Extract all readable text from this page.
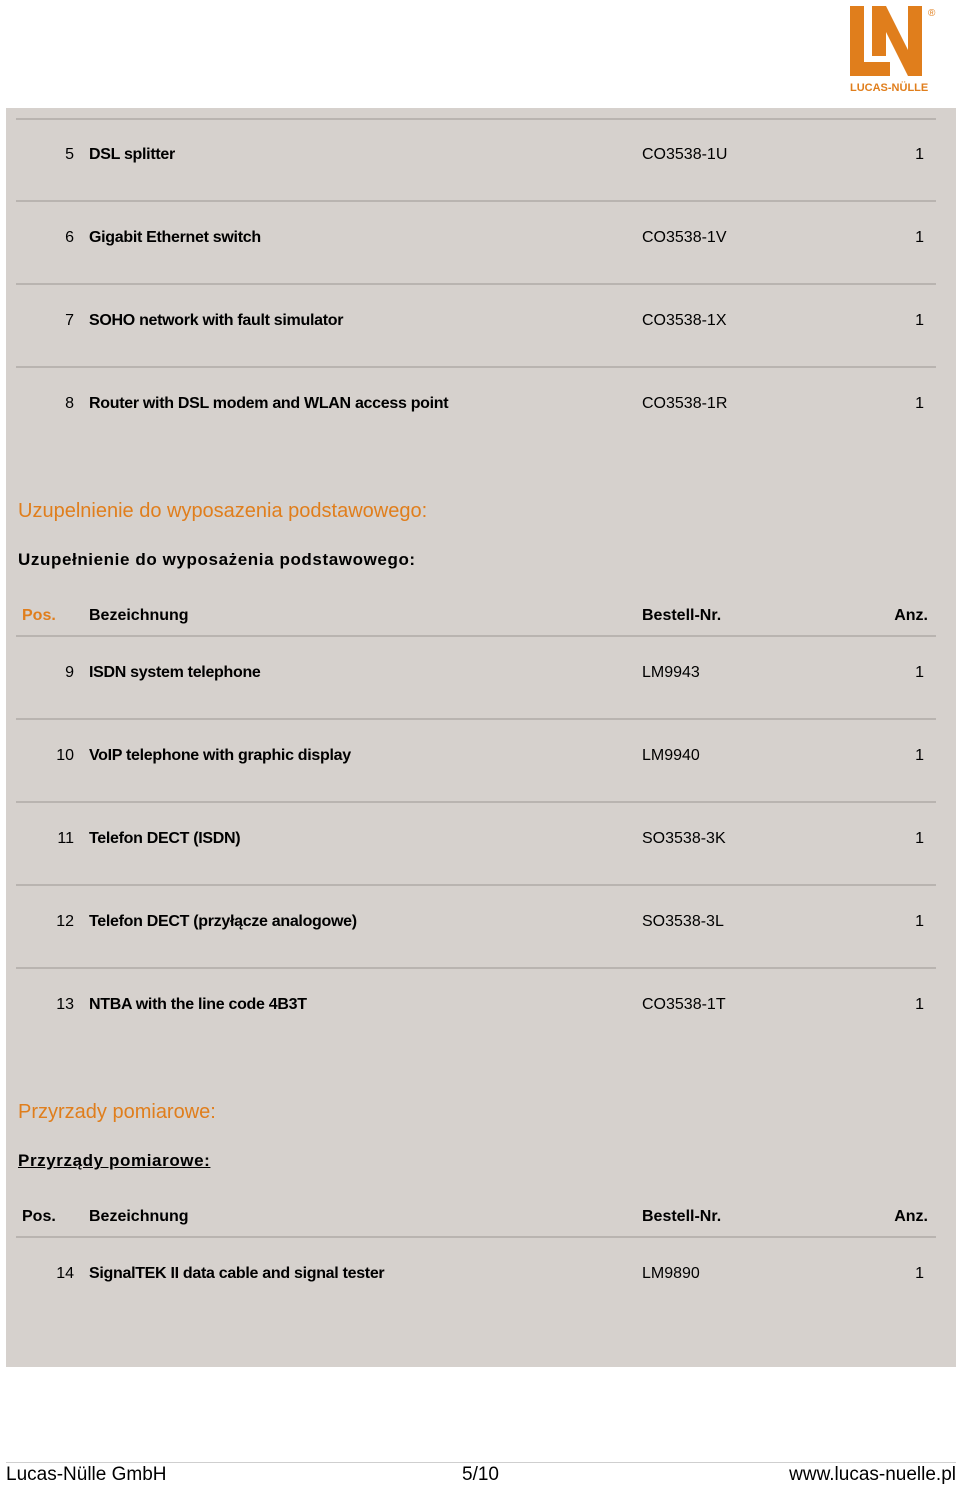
®
LUCAS-NÜLLE
5 DSL splitter	CO3538-1U	1
6 Gigabit Ethernet switch	CO3538-1V	1
7 SOHO network with fault simulator	CO3538-1X	1
8 Router with DSL modem and WLAN access point	CO3538-1R	1
Uzupelnienie do wyposazenia podstawowego:
Uzupełnienie do wyposażenia podstawowego:
Pos. Bezeichnung	Bestell-Nr.	Anz.
9 ISDN system telephone	LM9943	1
10 VoIP telephone with graphic display	LM9940	1
11 Telefon DECT (ISDN)	SO3538-3K	1
12 Telefon DECT (przyłącze analogowe)	SO3538-3L	1
13 NTBA with the line code 4B3T	CO3538-1T	1
Przyrzady pomiarowe:
Przyrządy pomiarowe:
Pos. Bezeichnung	Bestell-Nr.	Anz.
14 SignalTEK II data cable and signal tester	LM9890	1
Lucas-Nülle GmbH	5/10	www.lucas-nuelle.pl
